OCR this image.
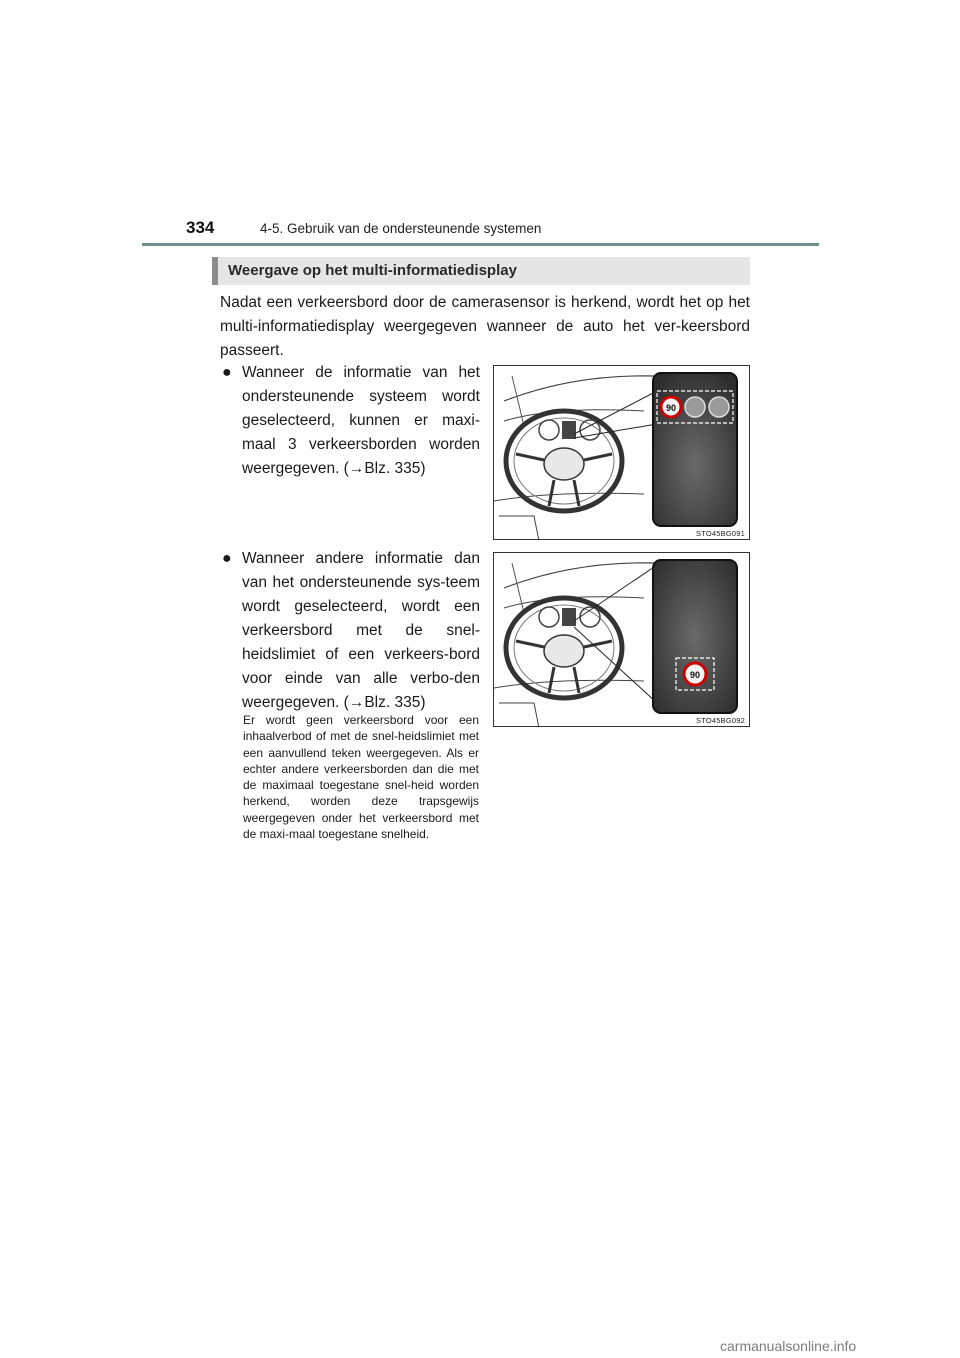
334	4-5. Gebruik van de ondersteunende systemen
Weergave op het multi-informatiedisplay

Nadat een verkeersbord door de camerasensor is herkend, wordt het op het multi-informatiedisplay weergegeven wanneer de auto het ver-keersbord passeert.

● Wanneer de informatie van het ondersteunende systeem wordt geselecteerd, kunnen er maxi-maal 3 verkeersborden worden weergegeven. (→Blz. 335)
● Wanneer andere informatie dan van het ondersteunende sys-teem wordt geselecteerd, wordt een verkeersbord met de snel-heidslimiet of een verkeers-bord voor einde van alle verbo-den weergegeven. (→Blz. 335)

Er wordt geen verkeersbord voor een inhaalverbod of met de snel-heidslimiet met een aanvullend teken weergegeven. Als er echter andere verkeersborden dan die met de maximaal toegestane snel-heid worden herkend, worden deze trapsgewijs weergegeven onder het verkeersbord met de maxi-maal toegestane snelheid.

90
STO45BG091
90
STO45BG092
carmanualsonline.info
